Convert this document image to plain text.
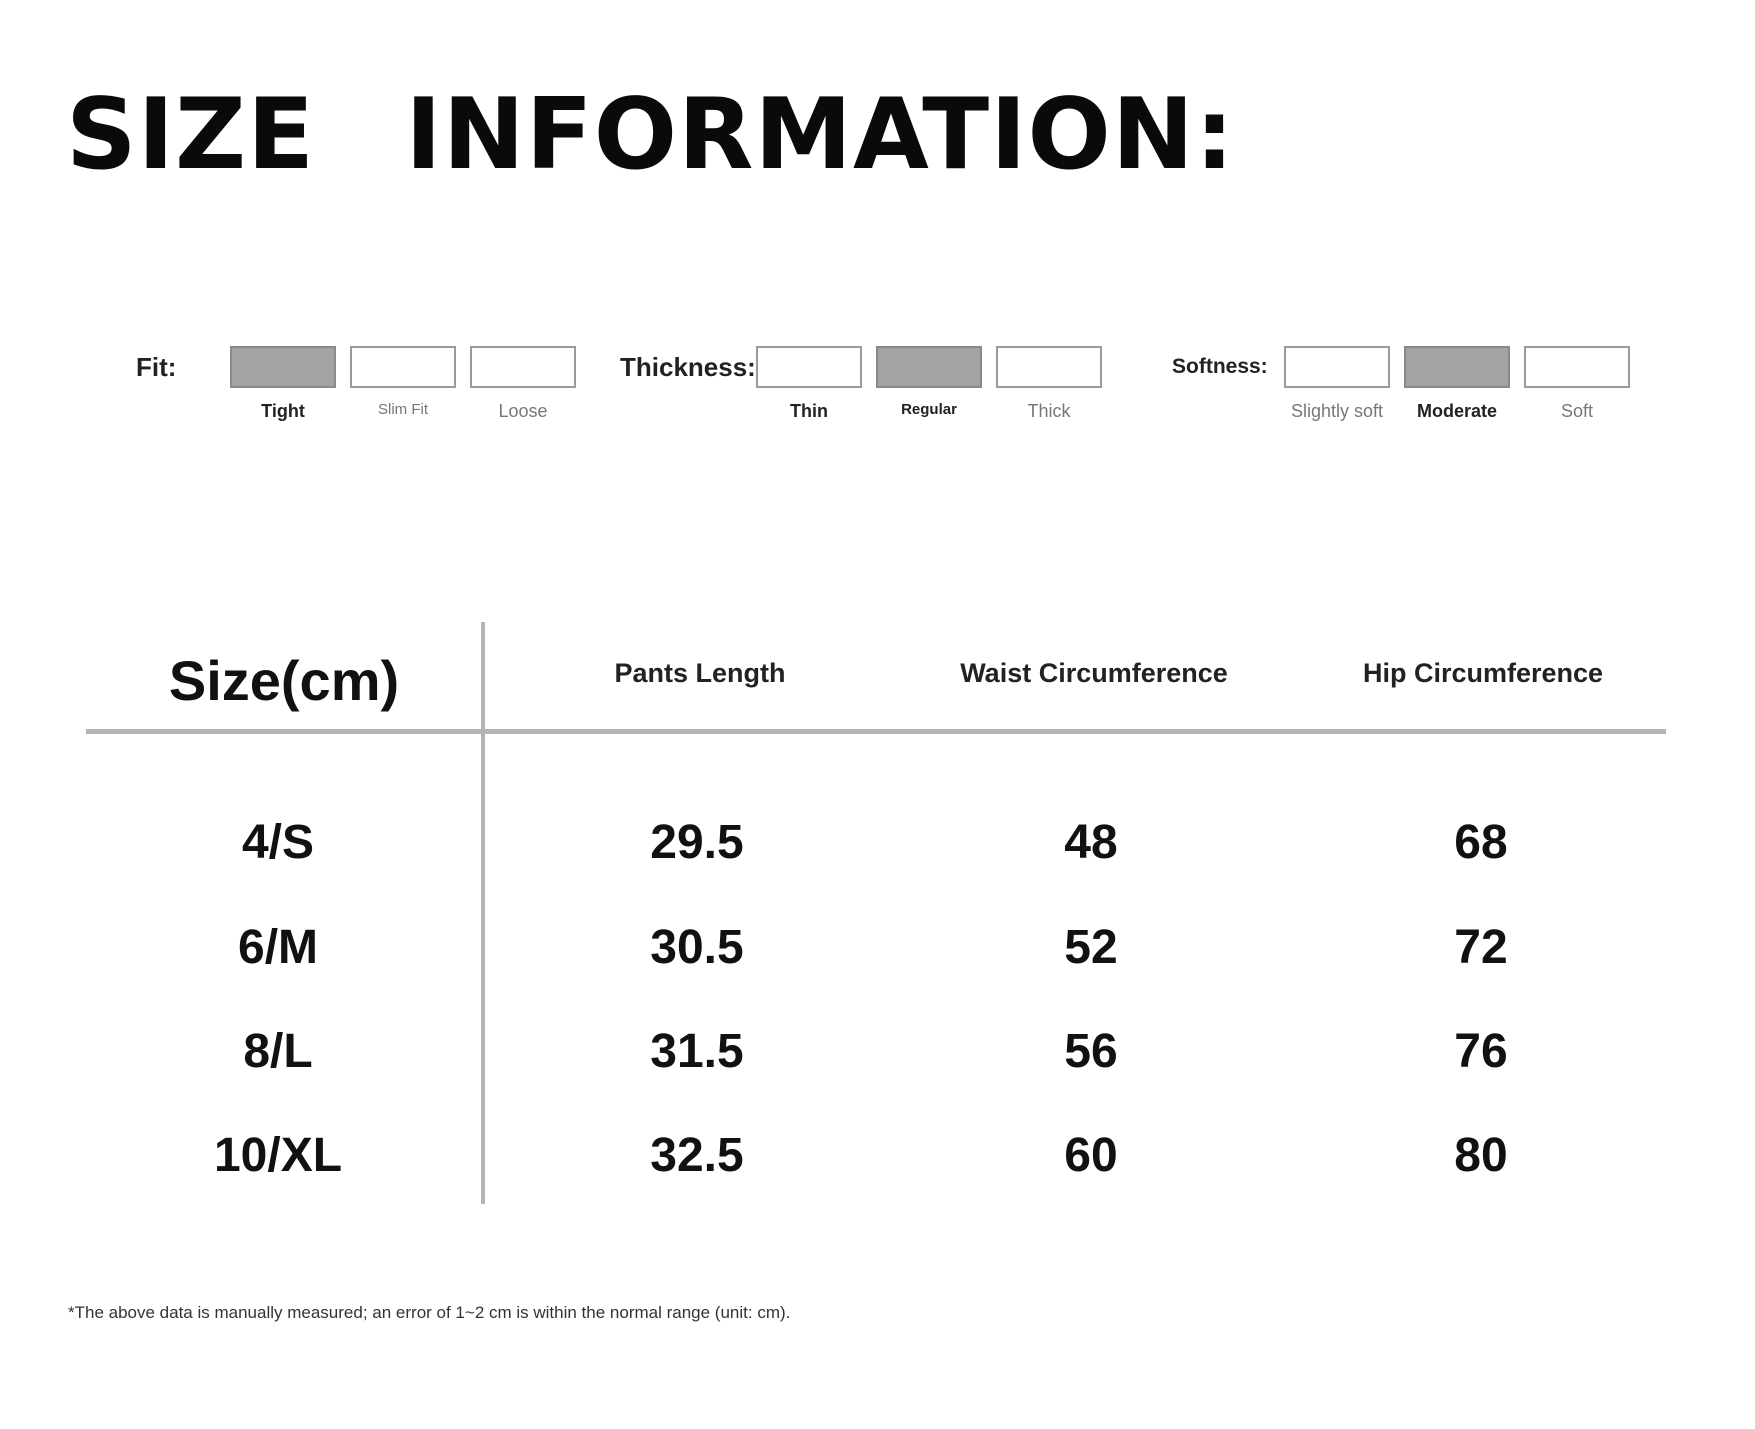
SIZE  INFORMATION:
Fit:
Tight	Slim Fit	Loose
Thickness:
Thin	Regular	Thick
Softness:
Slightly soft	Moderate	Soft
Size(cm)	Pants Length	Waist Circumference	Hip Circumference
4/S	29.5	48	68
6/M	30.5	52	72
8/L	31.5	56	76
10/XL	32.5	60	80
*The above data is manually measured; an error of 1~2 cm is within the normal range (unit: cm).
